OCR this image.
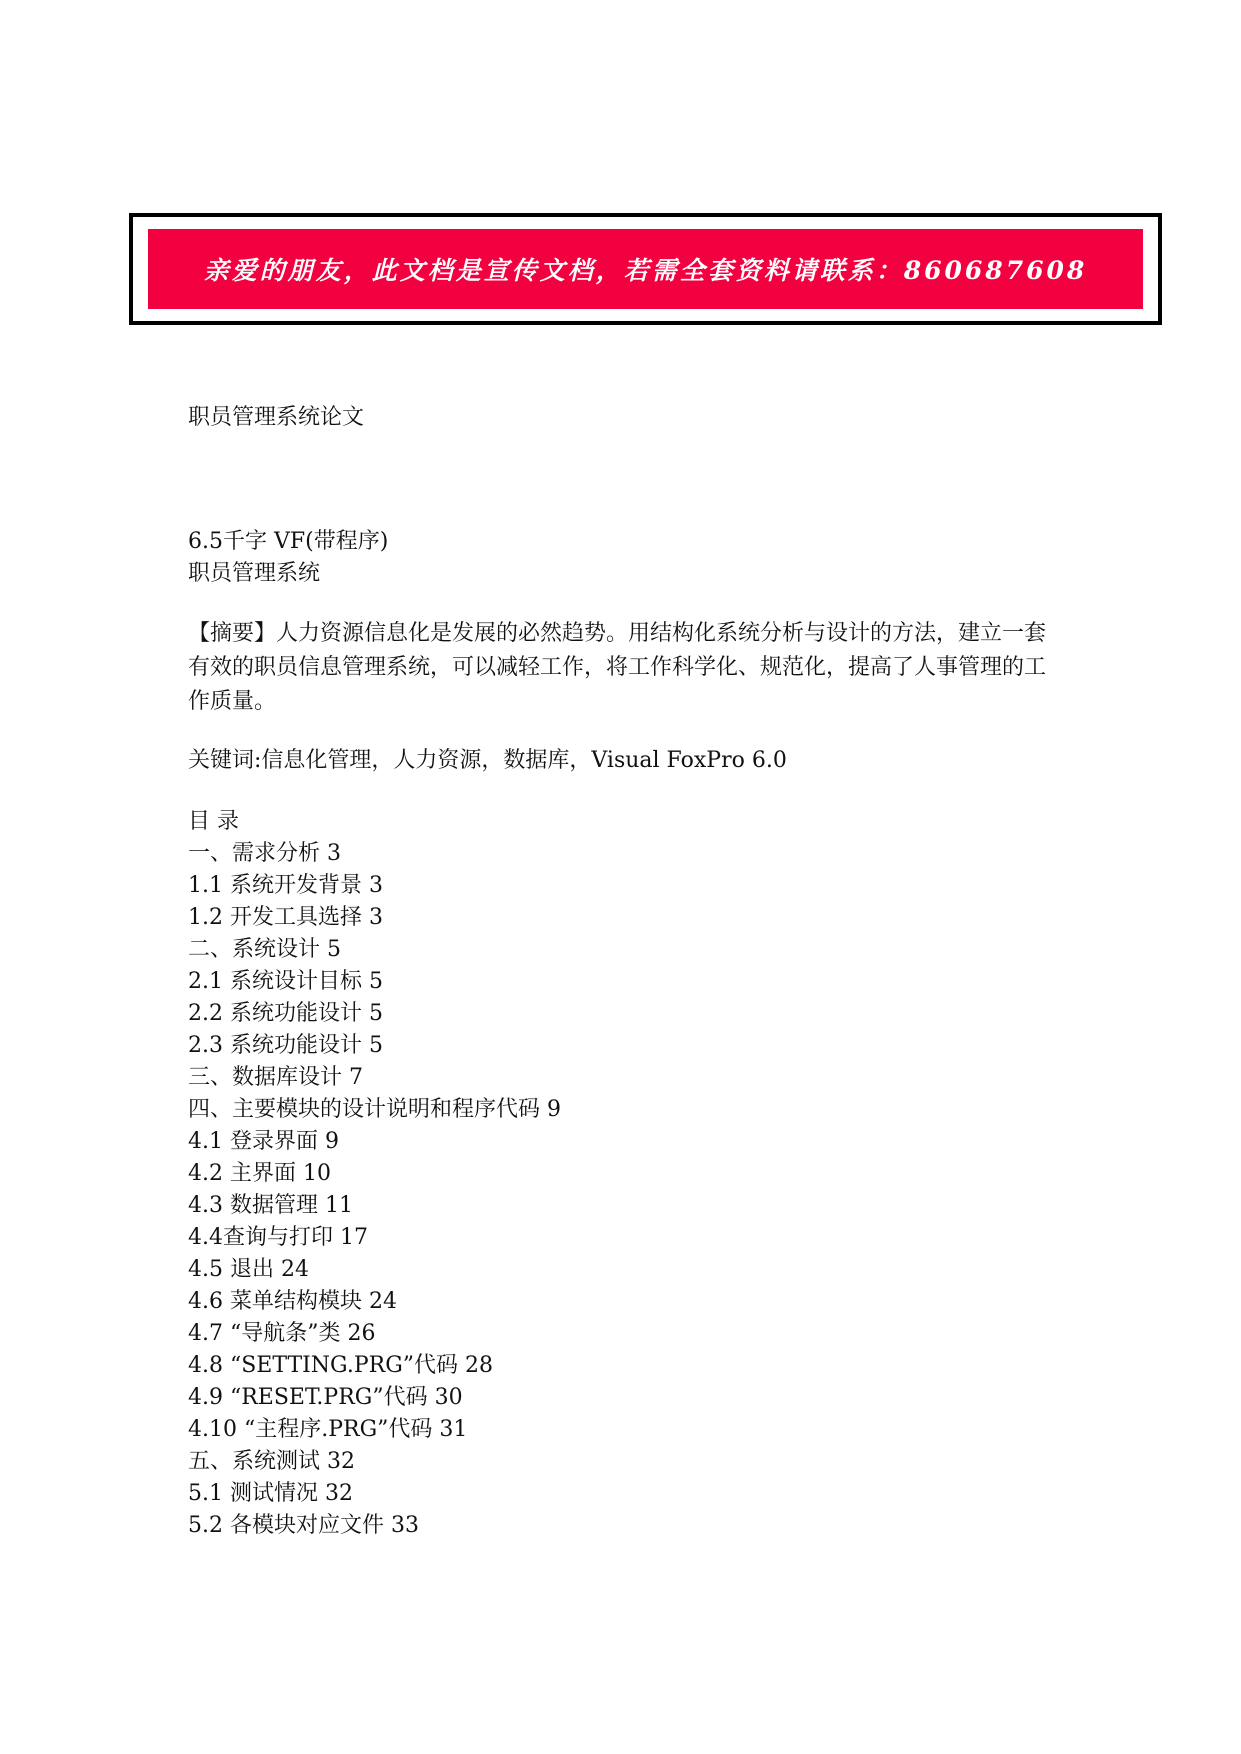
亲爱的朋友，此文档是宣传文档，若需全套资料请联系：860687608
职员管理系统论文
6.5千字 VF(带程序)
职员管理系统
【摘要】人力资源信息化是发展的必然趋势。用结构化系统分析与设计的方法，建立一套有效的职员信息管理系统，可以减轻工作，将工作科学化、规范化，提高了人事管理的工作质量。
关键词:信息化管理，人力资源，数据库，Visual FoxPro 6.0
目 录
一、需求分析 3
1.1 系统开发背景 3
1.2 开发工具选择 3
二、系统设计 5
2.1 系统设计目标 5
2.2 系统功能设计 5
2.3 系统功能设计 5
三、数据库设计 7
四、主要模块的设计说明和程序代码 9
4.1 登录界面 9
4.2 主界面 10
4.3 数据管理 11
4.4查询与打印 17
4.5 退出 24
4.6 菜单结构模块 24
4.7 “导航条”类 26
4.8 “SETTING.PRG”代码 28
4.9 “RESET.PRG”代码 30
4.10 “主程序.PRG”代码 31
五、系统测试 32
5.1 测试情况 32
5.2 各模块对应文件 33
